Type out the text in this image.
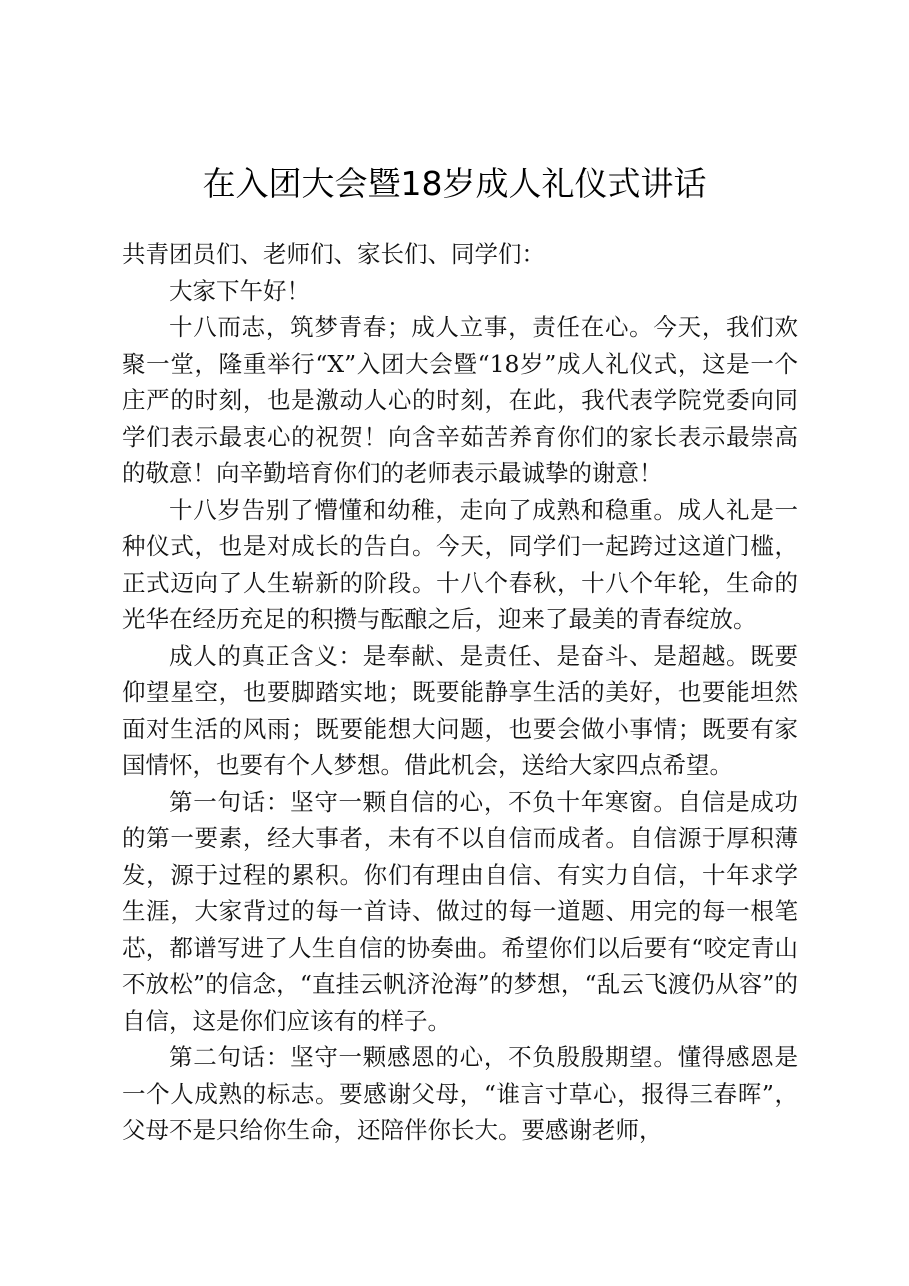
在入团大会暨18岁成人礼仪式讲话

共青团员们、老师们、家长们、同学们：

大家下午好！

十八而志，筑梦青春；成人立事，责任在心。今天，我们欢聚一堂，隆重举行“X”入团大会暨“18岁”成人礼仪式，这是一个庄严的时刻，也是激动人心的时刻，在此，我代表学院党委向同学们表示最衷心的祝贺！向含辛茹苦养育你们的家长表示最崇高的敬意！向辛勤培育你们的老师表示最诚挚的谢意！

十八岁告别了懵懂和幼稚，走向了成熟和稳重。成人礼是一种仪式，也是对成长的告白。今天，同学们一起跨过这道门槛，正式迈向了人生崭新的阶段。十八个春秋，十八个年轮，生命的光华在经历充足的积攒与酝酿之后，迎来了最美的青春绽放。

成人的真正含义：是奉献、是责任、是奋斗、是超越。既要仰望星空，也要脚踏实地；既要能静享生活的美好，也要能坦然面对生活的风雨；既要能想大问题，也要会做小事情；既要有家国情怀，也要有个人梦想。借此机会，送给大家四点希望。

第一句话：坚守一颗自信的心，不负十年寒窗。自信是成功的第一要素，经大事者，未有不以自信而成者。自信源于厚积薄发，源于过程的累积。你们有理由自信、有实力自信，十年求学生涯，大家背过的每一首诗、做过的每一道题、用完的每一根笔芯，都谱写进了人生自信的协奏曲。希望你们以后要有“咬定青山不放松”的信念，“直挂云帆济沧海”的梦想，“乱云飞渡仍从容”的自信，这是你们应该有的样子。

第二句话：坚守一颗感恩的心，不负殷殷期望。懂得感恩是一个人成熟的标志。要感谢父母，“谁言寸草心，报得三春晖”，父母不是只给你生命，还陪伴你长大。要感谢老师，
